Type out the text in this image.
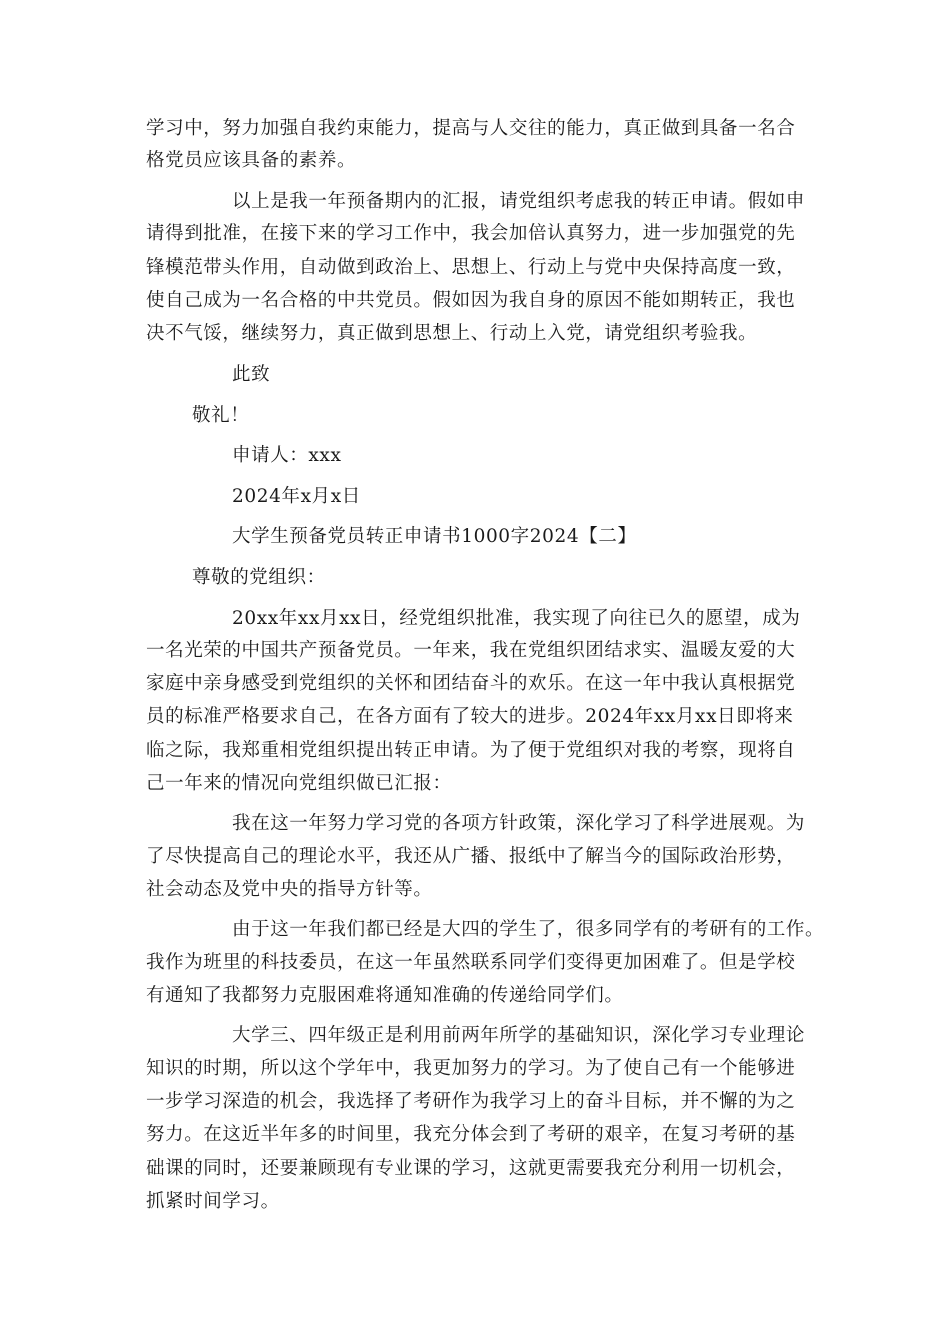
学习中，努力加强自我约束能力，提高与人交往的能力，真正做到具备一名合
格党员应该具备的素养。
以上是我一年预备期内的汇报，请党组织考虑我的转正申请。假如申
请得到批准，在接下来的学习工作中，我会加倍认真努力，进一步加强党的先
锋模范带头作用，自动做到政治上、思想上、行动上与党中央保持高度一致，
使自己成为一名合格的中共党员。假如因为我自身的原因不能如期转正，我也
决不气馁，继续努力，真正做到思想上、行动上入党，请党组织考验我。
此致
敬礼！
申请人：xxx
2024年x月x日
大学生预备党员转正申请书1000字2024【二】
尊敬的党组织：
20xx年xx月xx日，经党组织批准，我实现了向往已久的愿望，成为
一名光荣的中国共产预备党员。一年来，我在党组织团结求实、温暖友爱的大
家庭中亲身感受到党组织的关怀和团结奋斗的欢乐。在这一年中我认真根据党
员的标准严格要求自己，在各方面有了较大的进步。2024年xx月xx日即将来
临之际，我郑重相党组织提出转正申请。为了便于党组织对我的考察，现将自
己一年来的情况向党组织做已汇报：
我在这一年努力学习党的各项方针政策，深化学习了科学进展观。为
了尽快提高自己的理论水平，我还从广播、报纸中了解当今的国际政治形势，
社会动态及党中央的指导方针等。
由于这一年我们都已经是大四的学生了，很多同学有的考研有的工作。
我作为班里的科技委员，在这一年虽然联系同学们变得更加困难了。但是学校
有通知了我都努力克服困难将通知准确的传递给同学们。
大学三、四年级正是利用前两年所学的基础知识，深化学习专业理论
知识的时期，所以这个学年中，我更加努力的学习。为了使自己有一个能够进
一步学习深造的机会，我选择了考研作为我学习上的奋斗目标，并不懈的为之
努力。在这近半年多的时间里，我充分体会到了考研的艰辛，在复习考研的基
础课的同时，还要兼顾现有专业课的学习，这就更需要我充分利用一切机会，
抓紧时间学习。
